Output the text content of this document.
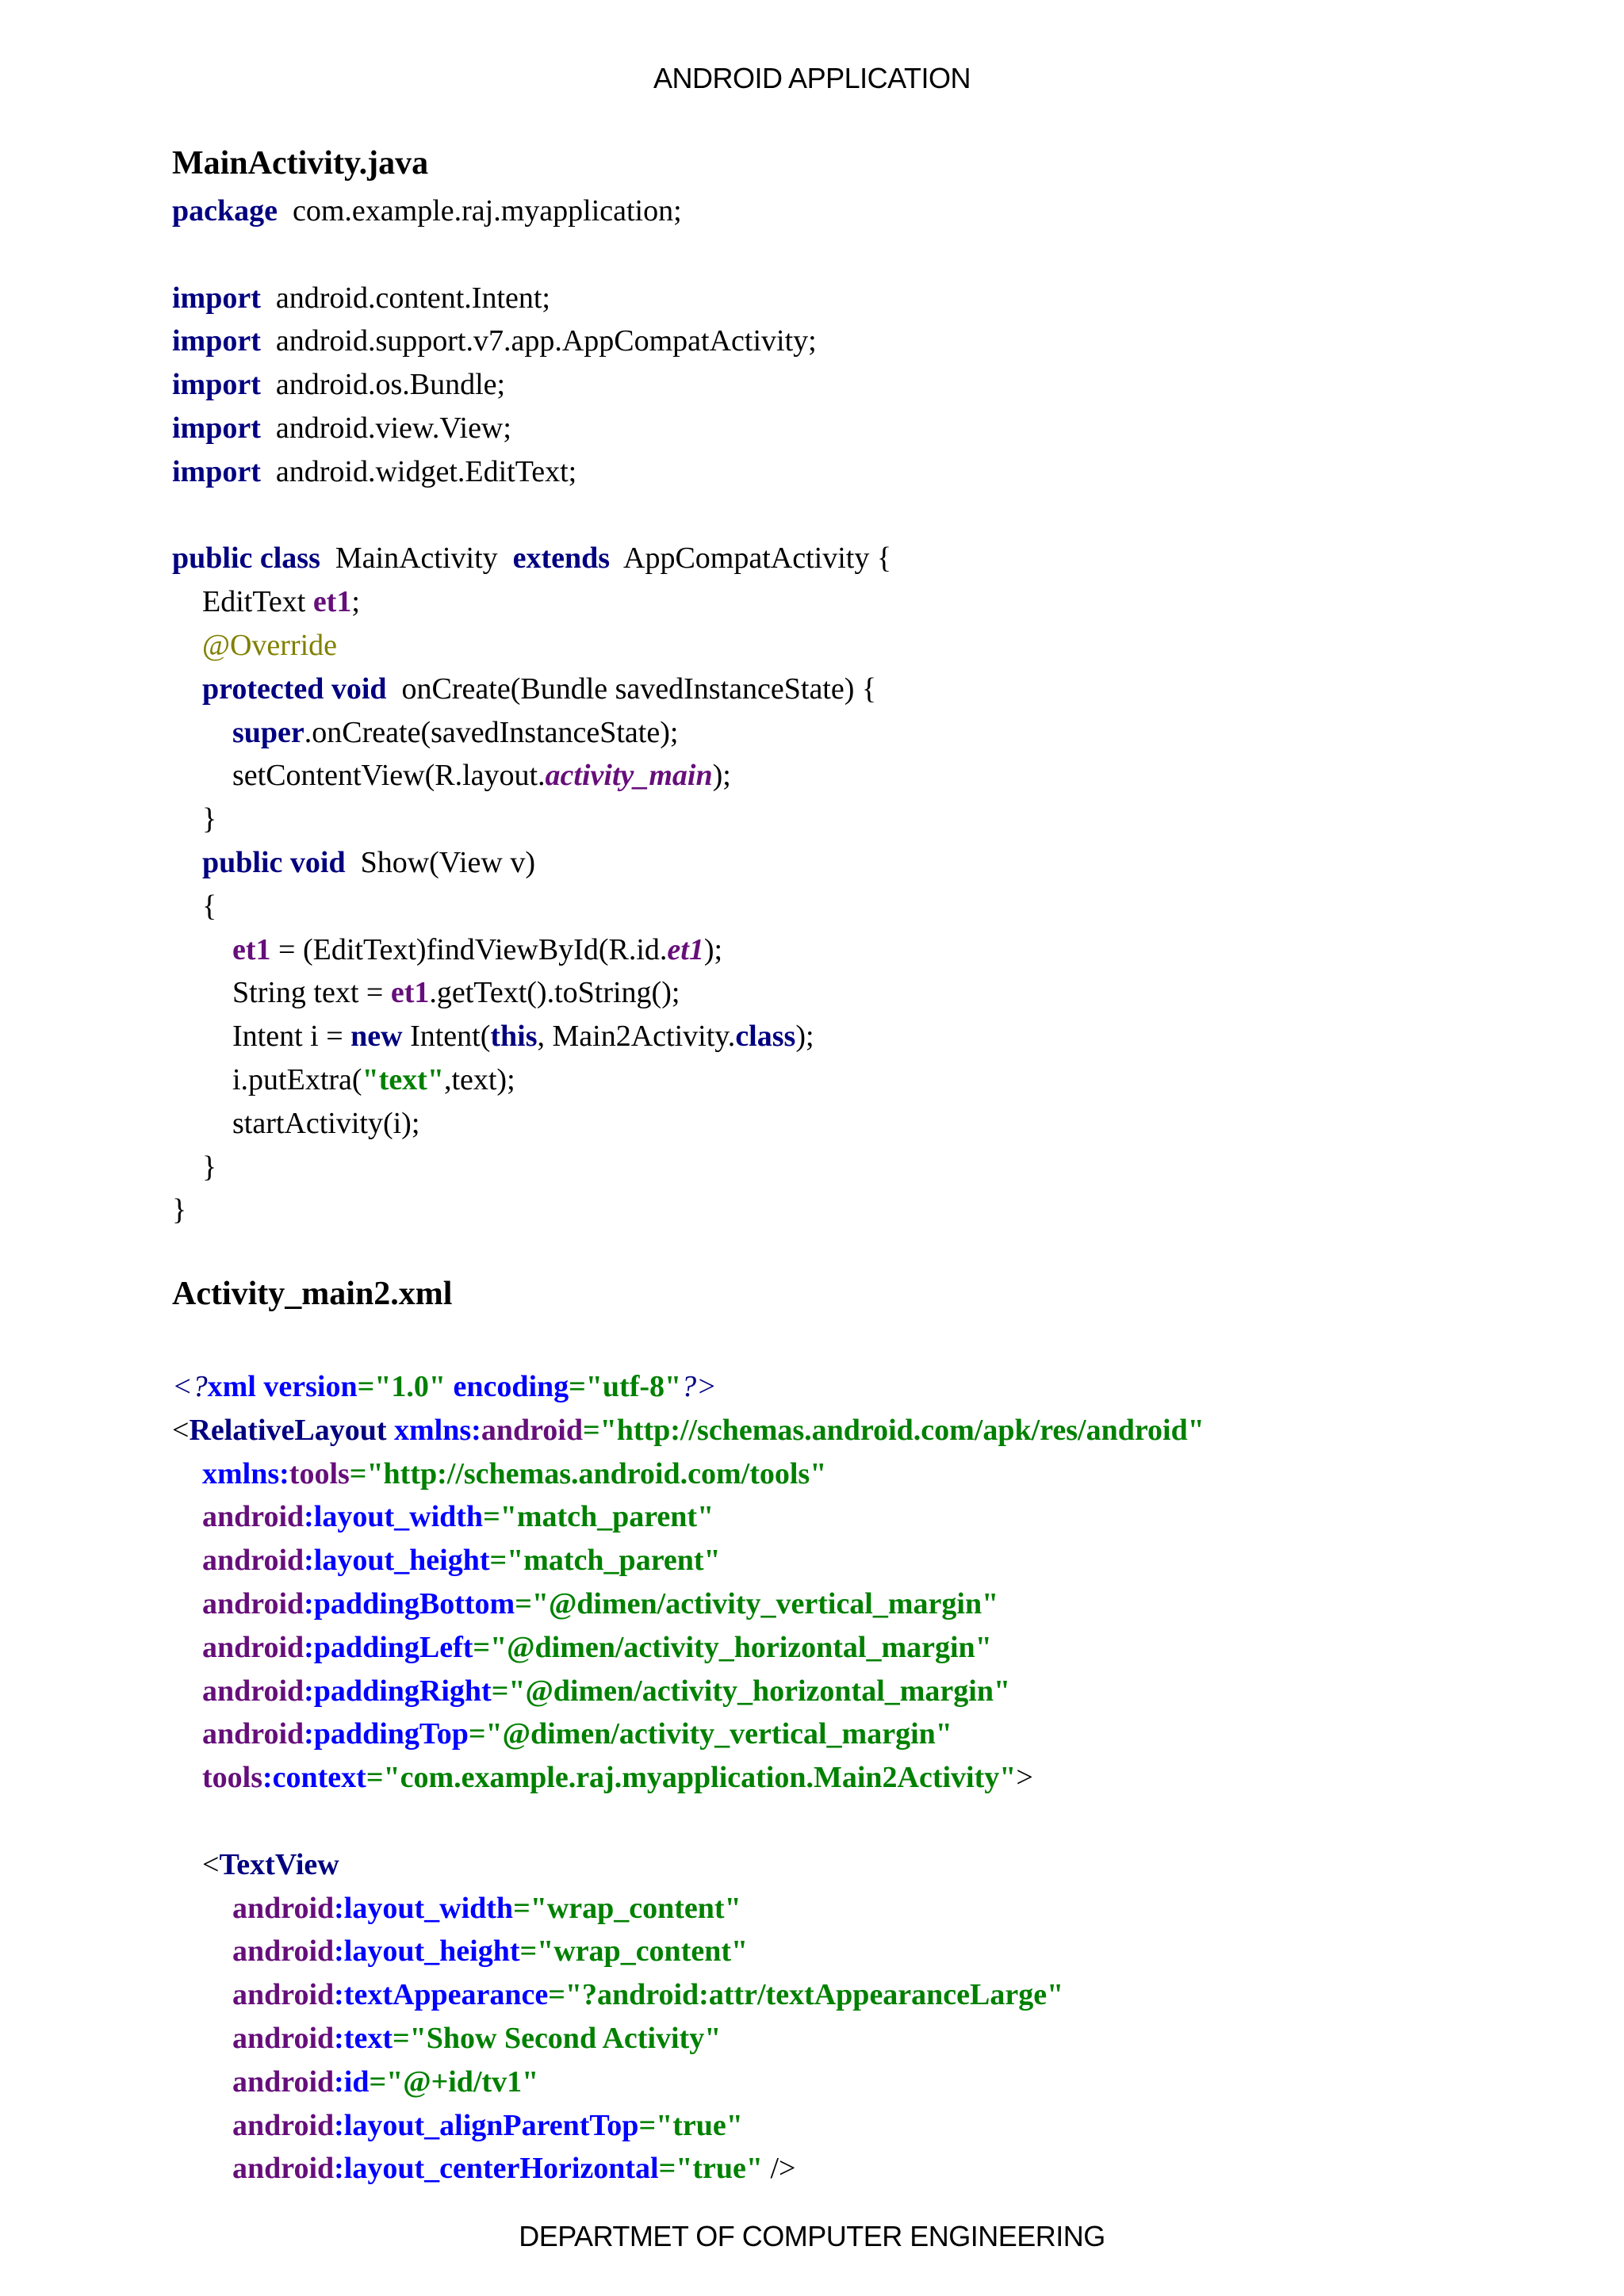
ANDROID APPLICATION
MainActivity.java
package  com.example.raj.myapplication;
import  android.content.Intent;
import  android.support.v7.app.AppCompatActivity;
import  android.os.Bundle;
import  android.view.View;
import  android.widget.EditText;
public class  MainActivity  extends  AppCompatActivity {
EditText et1;
@Override
protected void  onCreate(Bundle savedInstanceState) {
super.onCreate(savedInstanceState);
setContentView(R.layout.activity_main);
}
public void  Show(View v)
{
et1 = (EditText)findViewById(R.id.et1);
String text = et1.getText().toString();
Intent i = new Intent(this, Main2Activity.class);
i.putExtra("text",text);
startActivity(i);
}
}
Activity_main2.xml
<?xml version="1.0" encoding="utf-8"?>
<RelativeLayout xmlns:android="http://schemas.android.com/apk/res/android"
xmlns:tools="http://schemas.android.com/tools"
android:layout_width="match_parent"
android:layout_height="match_parent"
android:paddingBottom="@dimen/activity_vertical_margin"
android:paddingLeft="@dimen/activity_horizontal_margin"
android:paddingRight="@dimen/activity_horizontal_margin"
android:paddingTop="@dimen/activity_vertical_margin"
tools:context="com.example.raj.myapplication.Main2Activity">
<TextView
android:layout_width="wrap_content"
android:layout_height="wrap_content"
android:textAppearance="?android:attr/textAppearanceLarge"
android:text="Show Second Activity"
android:id="@+id/tv1"
android:layout_alignParentTop="true"
android:layout_centerHorizontal="true" />
DEPARTMET OF COMPUTER ENGINEERING
